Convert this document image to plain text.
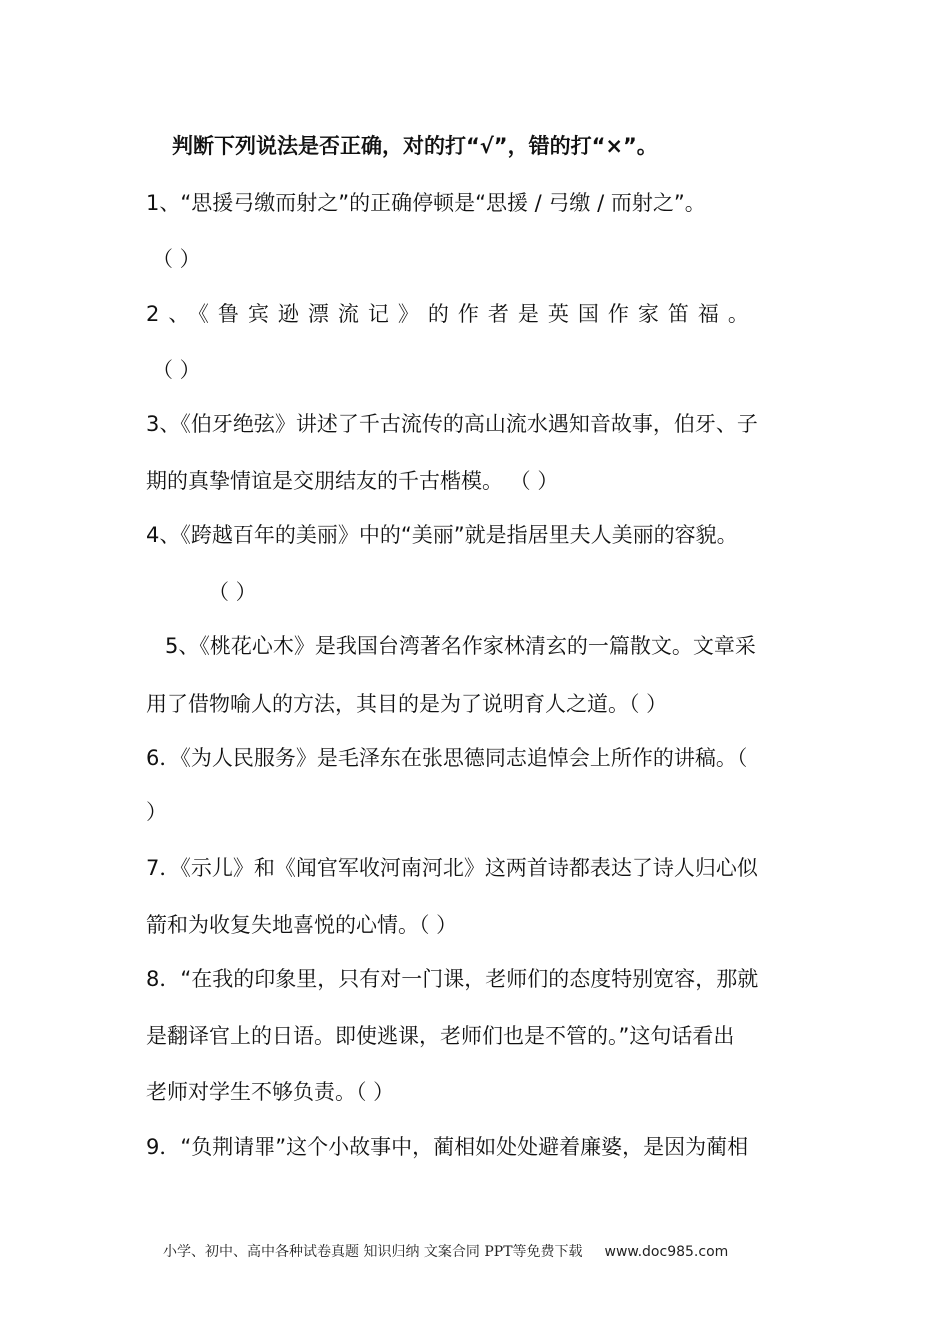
判断下列说法是否正确，对的打“√”，错的打“×”。
1、“思援弓缴而射之”的正确停顿是“思援 / 弓缴 / 而射之”。
（ ）
2、《鲁宾逊漂流记》的作者是英国作家笛福。
（ ）
3、《伯牙绝弦》讲述了千古流传的高山流水遇知音故事，伯牙、子
期的真挚情谊是交朋结友的千古楷模。 （ ）
4、《跨越百年的美丽》中的“美丽”就是指居里夫人美丽的容貌。
（ ）
5、《桃花心木》是我国台湾著名作家林清玄的一篇散文。文章采
用了借物喻人的方法，其目的是为了说明育人之道。（ ）
6．《为人民服务》是毛泽东在张思德同志追悼会上所作的讲稿。（
）
7．《示儿》和《闻官军收河南河北》这两首诗都表达了诗人归心似
箭和为收复失地喜悦的心情。（ ）
8．“在我的印象里，只有对一门课，老师们的态度特别宽容，那就
是翻译官上的日语。即使逃课，老师们也是不管的。”这句话看出
老师对学生不够负责。（ ）
9．“负荆请罪”这个小故事中，蔺相如处处避着廉婆，是因为蔺相
小学、初中、高中各种试卷真题 知识归纳 文案合同 PPT等免费下载 www.doc985.com
